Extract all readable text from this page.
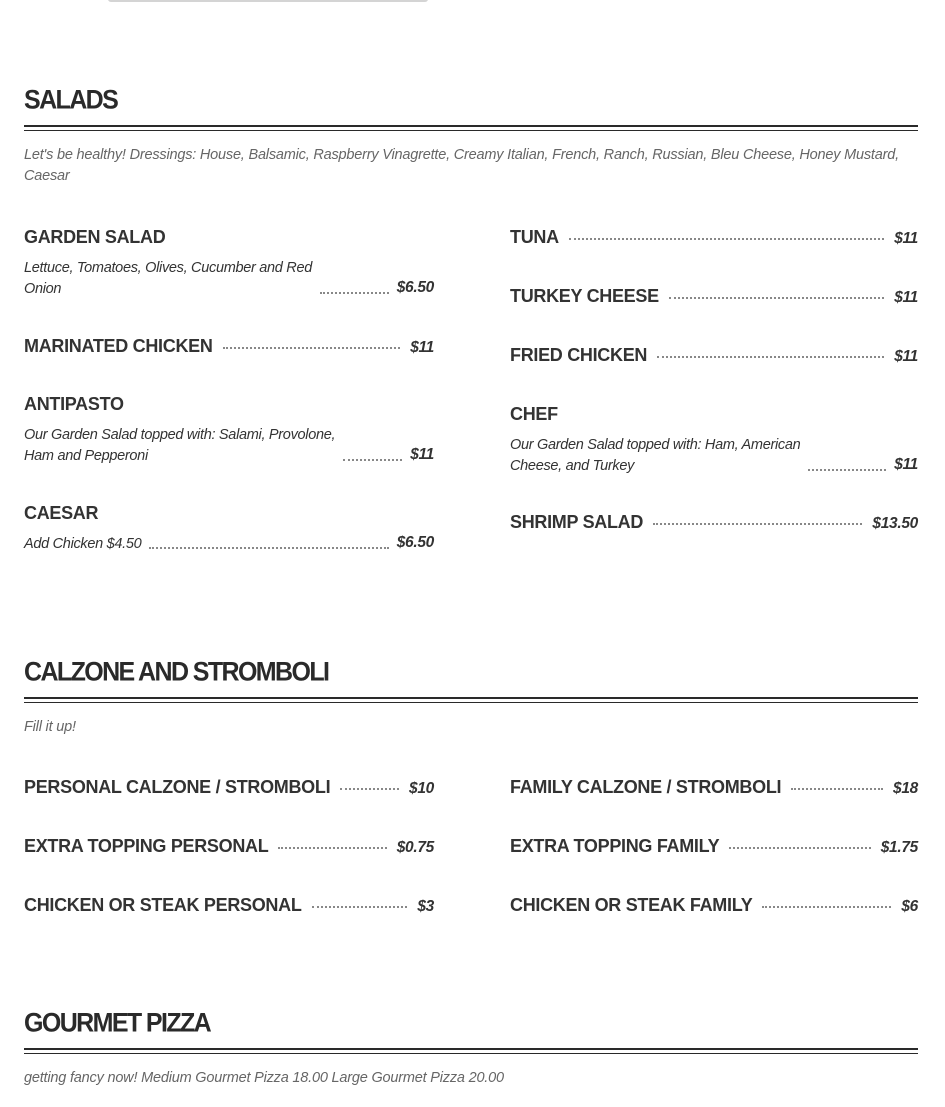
SALADS
Let's be healthy! Dressings: House, Balsamic, Raspberry Vinagrette, Creamy Italian, French, Ranch, Russian, Bleu Cheese, Honey Mustard, Caesar
GARDEN SALAD
Lettuce, Tomatoes, Olives, Cucumber and Red
Onion	$6.50
MARINATED CHICKEN	$11
ANTIPASTO
Our Garden Salad topped with: Salami, Provolone,
Ham and Pepperoni	$11
CAESAR
Add Chicken $4.50	$6.50
TUNA	$11
TURKEY CHEESE	$11
FRIED CHICKEN	$11
CHEF
Our Garden Salad topped with: Ham, American
Cheese, and Turkey	$11
SHRIMP SALAD	$13.50
CALZONE AND STROMBOLI
Fill it up!
PERSONAL CALZONE / STROMBOLI	$10
EXTRA TOPPING PERSONAL	$0.75
CHICKEN OR STEAK PERSONAL	$3
FAMILY CALZONE / STROMBOLI	$18
EXTRA TOPPING FAMILY	$1.75
CHICKEN OR STEAK FAMILY	$6
GOURMET PIZZA
getting fancy now! Medium Gourmet Pizza 18.00 Large Gourmet Pizza 20.00
